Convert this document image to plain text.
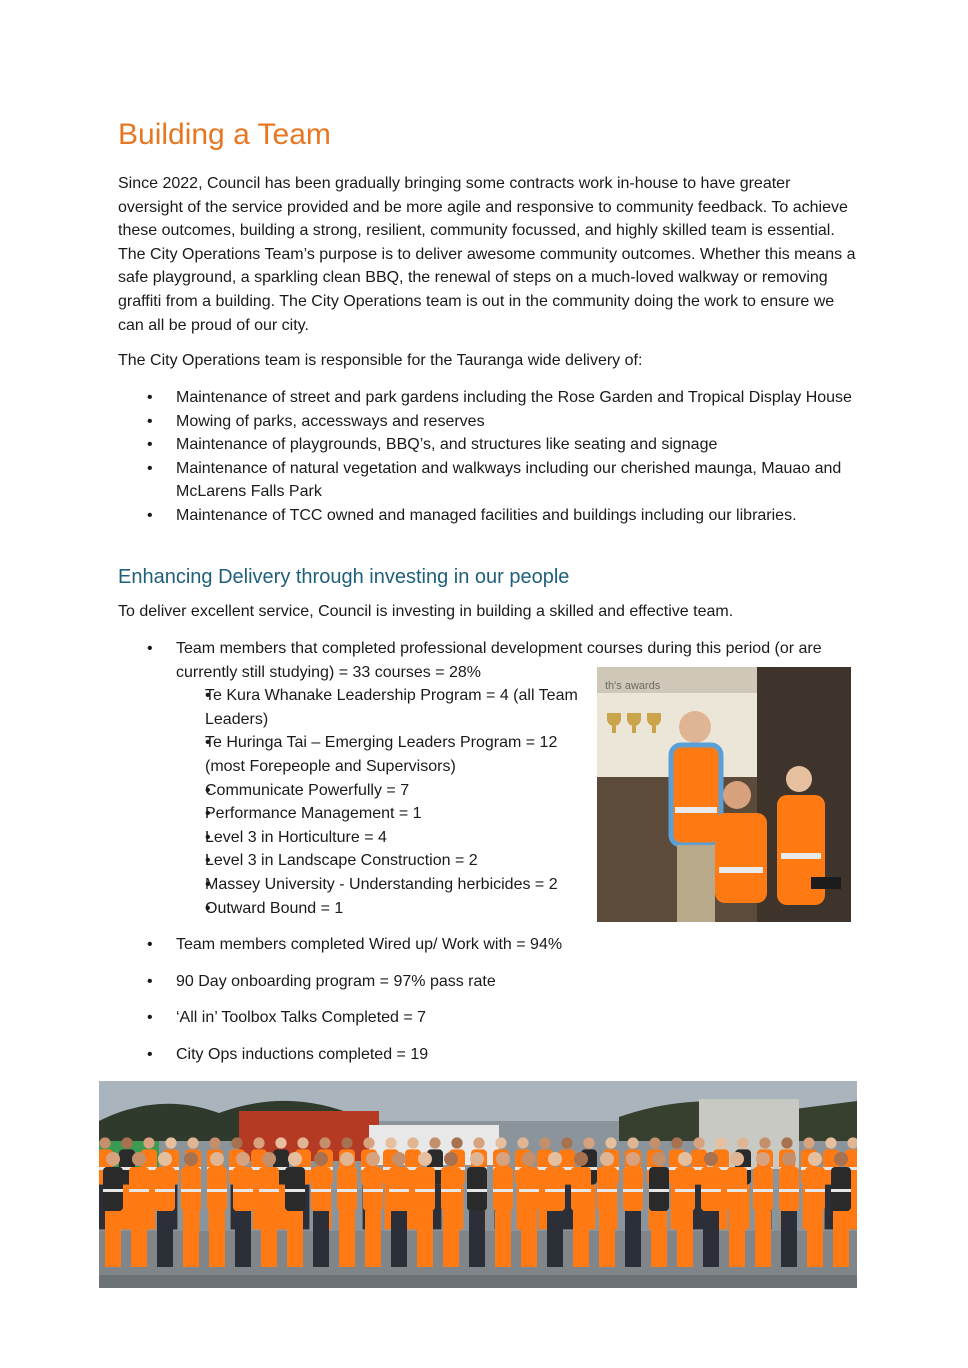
Building a Team

Since 2022, Council has been gradually bringing some contracts work in-house to have greater oversight of the service provided and be more agile and responsive to community feedback. To achieve these outcomes, building a strong, resilient, community focussed, and highly skilled team is essential. The City Operations Team’s purpose is to deliver awesome community outcomes. Whether this means a safe playground, a sparkling clean BBQ, the renewal of steps on a much-loved walkway or removing graffiti from a building. The City Operations team is out in the community doing the work to ensure we can all be proud of our city.

The City Operations team is responsible for the Tauranga wide delivery of:

• Maintenance of street and park gardens including the Rose Garden and Tropical Display House
• Mowing of parks, accessways and reserves
• Maintenance of playgrounds, BBQ’s, and structures like seating and signage
• Maintenance of natural vegetation and walkways including our cherished maunga, Mauao and McLarens Falls Park
• Maintenance of TCC owned and managed facilities and buildings including our libraries.
Enhancing Delivery through investing in our people

To deliver excellent service, Council is investing in building a skilled and effective team.

• Team members that completed professional development courses during this period (or are currently still studying) = 33 courses = 28%
• Te Kura Whanake Leadership Program = 4 (all Team Leaders)
• Te Huringa Tai – Emerging Leaders Program = 12 (most Forepeople and Supervisors)
• Communicate Powerfully = 7
• Performance Management = 1
• Level 3 in Horticulture = 4
• Level 3 in Landscape Construction = 2
• Massey University - Understanding herbicides = 2
• Outward Bound = 1
• Team members completed Wired up/ Work with = 94%
• 90 Day onboarding program = 97% pass rate
• ‘All in’ Toolbox Talks Completed = 7
• City Ops inductions completed = 19
th's awards
